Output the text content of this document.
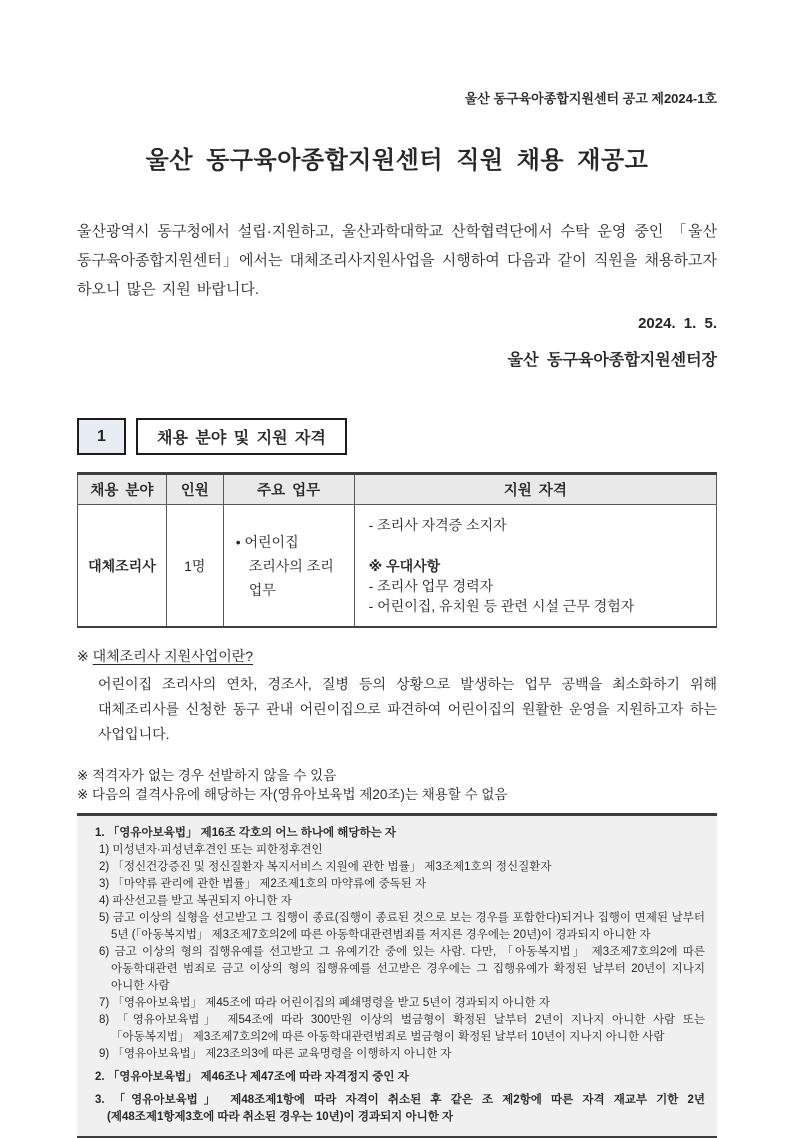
울산 동구육아종합지원센터 공고 제2024-1호
울산 동구육아종합지원센터 직원 채용 재공고

울산광역시 동구청에서 설립·지원하고, 울산과학대학교 산학협력단에서 수탁 운영 중인 「울산 동구육아종합지원센터」에서는 대체조리사지원사업을 시행하여 다음과 같이 직원을 채용하고자 하오니 많은 지원 바랍니다.

2024. 1. 5.
울산 동구육아종합지원센터장
1	채용 분야 및 지원 자격
채용 분야	인원	주요 업무	지원 자격
대체조리사	1명	• 어린이집 조리사의 조리 업무	- 조리사 자격증 소지자
※ 우대사항
- 조리사 업무 경력자
- 어린이집, 유치원 등 관련 시설 근무 경험자
※ 대체조리사 지원사업이란?
어린이집 조리사의 연차, 경조사, 질병 등의 상황으로 발생하는 업무 공백을 최소화하기 위해 대체조리사를 신청한 동구 관내 어린이집으로 파견하여 어린이집의 원활한 운영을 지원하고자 하는 사업입니다.
※ 적격자가 없는 경우 선발하지 않을 수 있음
※ 다음의 결격사유에 해당하는 자(영유아보육법 제20조)는 채용할 수 없음
1. 「영유아보육법」 제16조 각호의 어느 하나에 해당하는 자
1) 미성년자·피성년후견인 또는 피한정후견인
2) 「정신건강증진 및 정신질환자 복지서비스 지원에 관한 법률」 제3조제1호의 정신질환자
3) 「마약류 관리에 관한 법률」 제2조제1호의 마약류에 중독된 자
4) 파산선고를 받고 복권되지 아니한 자
5) 금고 이상의 실형을 선고받고 그 집행이 종료(집행이 종료된 것으로 보는 경우를 포함한다)되거나 집행이 면제된 날부터 5년 (「아동복지법」 제3조제7호의2에 따른 아동학대관련범죄를 저지른 경우에는 20년)이 경과되지 아니한 자
6) 금고 이상의 형의 집행유예를 선고받고 그 유예기간 중에 있는 사람. 다만, 「아동복지법」 제3조제7호의2에 따른 아동학대관련 범죄로 금고 이상의 형의 집행유예를 선고받은 경우에는 그 집행유예가 확정된 날부터 20년이 지나지 아니한 사람
7) 「영유아보육법」 제45조에 따라 어린이집의 폐쇄명령을 받고 5년이 경과되지 아니한 자
8) 「영유아보육법」 제54조에 따라 300만원 이상의 벌금형이 확정된 날부터 2년이 지나지 아니한 사람 또는 「아동복지법」 제3조제7호의2에 따른 아동학대관련범죄로 벌금형이 확정된 날부터 10년이 지나지 아니한 사람
9) 「영유아보육법」 제23조의3에 따른 교육명령을 이행하지 아니한 자
2. 「영유아보육법」 제46조나 제47조에 따라 자격정지 중인 자
3. 「영유아보육법」 제48조제1항에 따라 자격이 취소된 후 같은 조 제2항에 따른 자격 재교부 기한 2년(제48조제1항제3호에 따라 취소된 경우는 10년)이 경과되지 아니한 자
